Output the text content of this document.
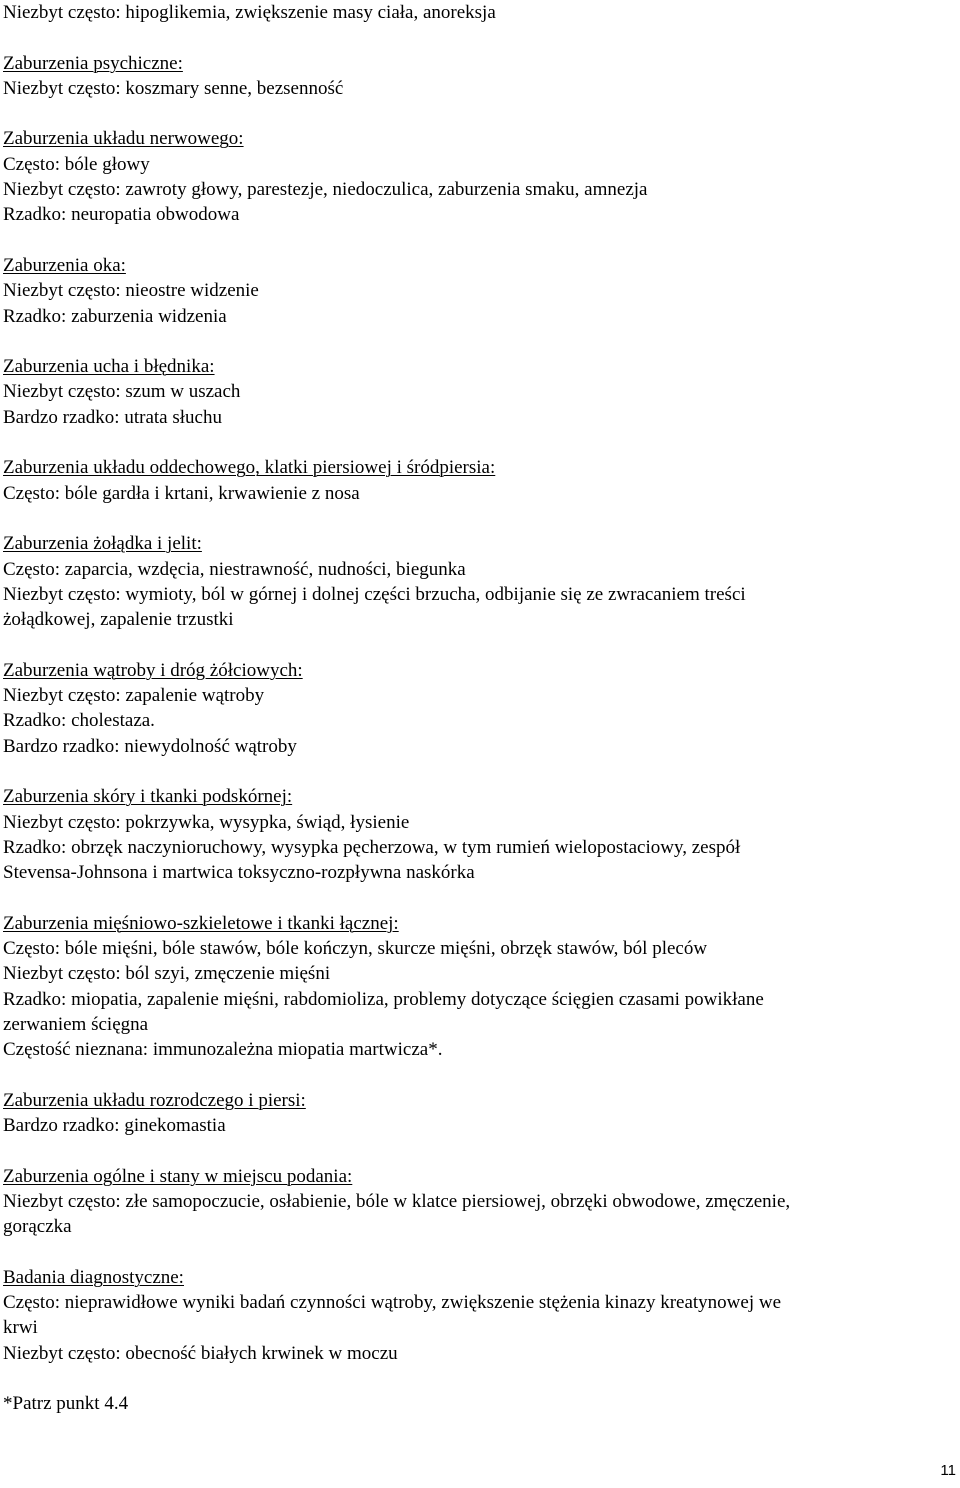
Niezbyt często: hipoglikemia, zwiększenie masy ciała, anoreksja
Zaburzenia psychiczne:
Niezbyt często: koszmary senne, bezsenność
Zaburzenia układu nerwowego:
Często: bóle głowy
Niezbyt często: zawroty głowy, parestezje, niedoczulica, zaburzenia smaku, amnezja
Rzadko: neuropatia obwodowa
Zaburzenia oka:
Niezbyt często: nieostre widzenie
Rzadko: zaburzenia widzenia
Zaburzenia ucha i błędnika:
Niezbyt często: szum w uszach
Bardzo rzadko: utrata słuchu
Zaburzenia układu oddechowego, klatki piersiowej i śródpiersia:
Często: bóle gardła i krtani, krwawienie z nosa
Zaburzenia żołądka i jelit:
Często: zaparcia, wzdęcia, niestrawność, nudności, biegunka
Niezbyt często: wymioty, ból w górnej i dolnej części brzucha, odbijanie się ze zwracaniem treści
żołądkowej, zapalenie trzustki
Zaburzenia wątroby i dróg żółciowych:
Niezbyt często: zapalenie wątroby
Rzadko: cholestaza.
Bardzo rzadko: niewydolność wątroby
Zaburzenia skóry i tkanki podskórnej:
Niezbyt często: pokrzywka, wysypka, świąd, łysienie
Rzadko: obrzęk naczynioruchowy, wysypka pęcherzowa, w tym rumień wielopostaciowy, zespół
Stevensa-Johnsona i martwica toksyczno-rozpływna naskórka
Zaburzenia mięśniowo-szkieletowe i tkanki łącznej:
Często: bóle mięśni, bóle stawów, bóle kończyn, skurcze mięśni, obrzęk stawów, ból pleców
Niezbyt często: ból szyi, zmęczenie mięśni
Rzadko: miopatia, zapalenie mięśni, rabdomioliza, problemy dotyczące ścięgien czasami powikłane
zerwaniem ścięgna
Częstość nieznana: immunozależna miopatia martwicza*.
Zaburzenia układu rozrodczego i piersi:
Bardzo rzadko: ginekomastia
Zaburzenia ogólne i stany w miejscu podania:
Niezbyt często: złe samopoczucie, osłabienie, bóle w klatce piersiowej, obrzęki obwodowe, zmęczenie,
gorączka
Badania diagnostyczne:
Często: nieprawidłowe wyniki badań czynności wątroby, zwiększenie stężenia kinazy kreatynowej we
krwi
Niezbyt często: obecność białych krwinek w moczu
*Patrz punkt 4.4
11
